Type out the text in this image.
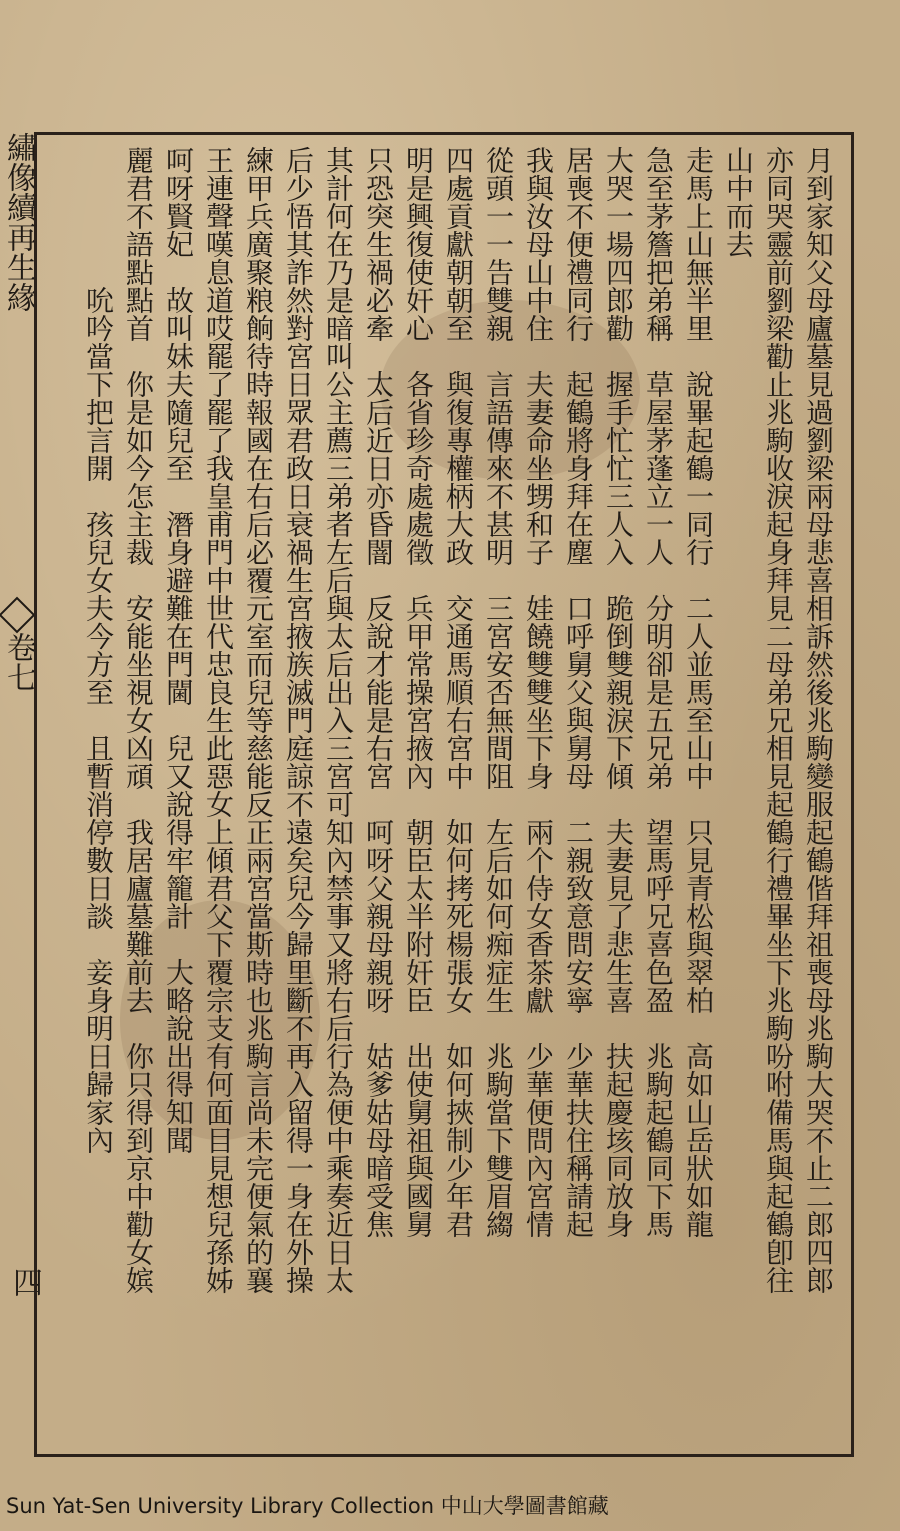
繡像續再生緣
卷七
四	月到家知父母廬墓見過劉梁兩母悲喜相訴然後兆駒變服起鶴偕拜祖喪母兆駒大哭不止二郎四郎
亦同哭靈前劉梁勸止兆駒收淚起身拜見二母弟兄相見起鶴行禮畢坐下兆駒吩咐備馬與起鶴卽往
山中而去
走馬上山無半里　說畢起鶴一同行　二人並馬至山中　只見青松與翠柏　高如山岳狀如龍
急至茅簷把弟稱　草屋茅蓬立一人　分明卻是五兄弟　望馬呼兄喜色盈　兆駒起鶴同下馬
大哭一場四郎勸　握手忙忙三人入　跪倒雙親淚下傾　夫妻見了悲生喜　扶起慶垓同放身
居喪不便禮同行　起鶴將身拜在塵　口呼舅父與舅母　二親致意問安寧　少華扶住稱請起
我與汝母山中住　夫妻命坐甥和子　娃饒雙雙坐下身　兩个侍女香茶獻　少華便問內宮情
從頭一一告雙親　言語傳來不甚明　三宮安否無間阻　左后如何痴症生　兆駒當下雙眉縐
四處貢獻朝朝至　與復專權柄大政　交通馬順右宮中　如何拷死楊張女　如何挾制少年君
明是興復使奸心　各省珍奇處處徵　兵甲常操宮掖內　朝臣太半附奸臣　出使舅祖與國舅
只恐突生禍必牽　太后近日亦昏闇　反說才能是右宮　呵呀父親母親呀　姑爹姑母暗受焦
其計何在乃是暗叫公主薦三弟者左后與太后出入三宮可知內禁事又將右后行為便中乘奏近日太
后少悟其詐然對宮日眾君政日衰禍生宮掖族滅門庭諒不遠矣兒今歸里斷不再入留得一身在外操
練甲兵廣聚粮餉待時報國在右后必覆元室而兒等慈能反正兩宮當斯時也兆駒言尚未完便氣的襄
王連聲嘆息道哎罷了罷了我皇甫門中世代忠良生此惡女上傾君父下覆宗支有何面目見想兒孫姊
呵呀賢妃　故叫妹夫隨兒至　潛身避難在門閫　兒又說得牢籠計　大略說出得知聞
麗君不語點點首　你是如今怎主裁　安能坐視女凶頑　我居廬墓難前去　你只得到京中勸女嫔
　　　　　吮吟當下把言開　孩兒女夫今方至　且暫消停數日談　妾身明日歸家內
Sun Yat-Sen University Library Collection 中山大學圖書館藏
